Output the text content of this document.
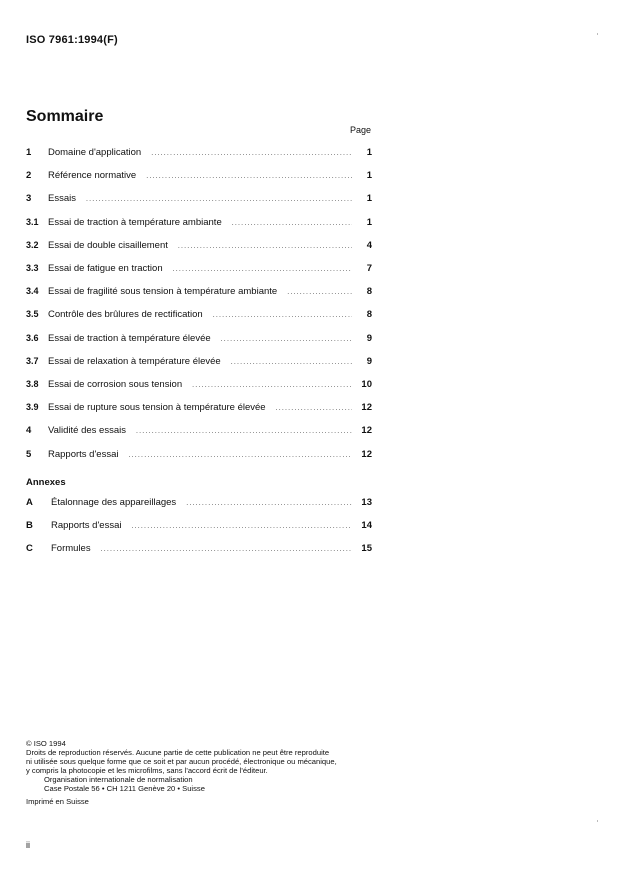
ISO 7961:1994(F)
Sommaire
Page
1	Domaine d'application .....	1
2	Référence normative .....	1
3	Essais .....	1
3.1 Essai de traction à température ambiante .....	1
3.2 Essai de double cisaillement .....	4
3.3 Essai de fatigue en traction .....	7
3.4 Essai de fragilité sous tension à température ambiante .....	8
3.5 Contrôle des brûlures de rectification .....	8
3.6 Essai de traction à température élevée .....	9
3.7 Essai de relaxation à température élevée .....	9
3.8 Essai de corrosion sous tension .....	10
3.9 Essai de rupture sous tension à température élevée .....	12
4	Validité des essais .....	12
5	Rapports d'essai .....	12
Annexes
A	Étalonnage des appareillages .....	13
B	Rapports d'essai .....	14
C	Formules .....	15

© ISO 1994

Droits de reproduction réservés. Aucune partie de cette publication ne peut être reproduite

ni utilisée sous quelque forme que ce soit et par aucun procédé, électronique ou mécanique,

y compris la photocopie et les microfilms, sans l'accord écrit de l'éditeur.

Organisation internationale de normalisation

Case Postale 56 • CH 1211 Genève 20 • Suisse

Imprimé en Suisse

ii
